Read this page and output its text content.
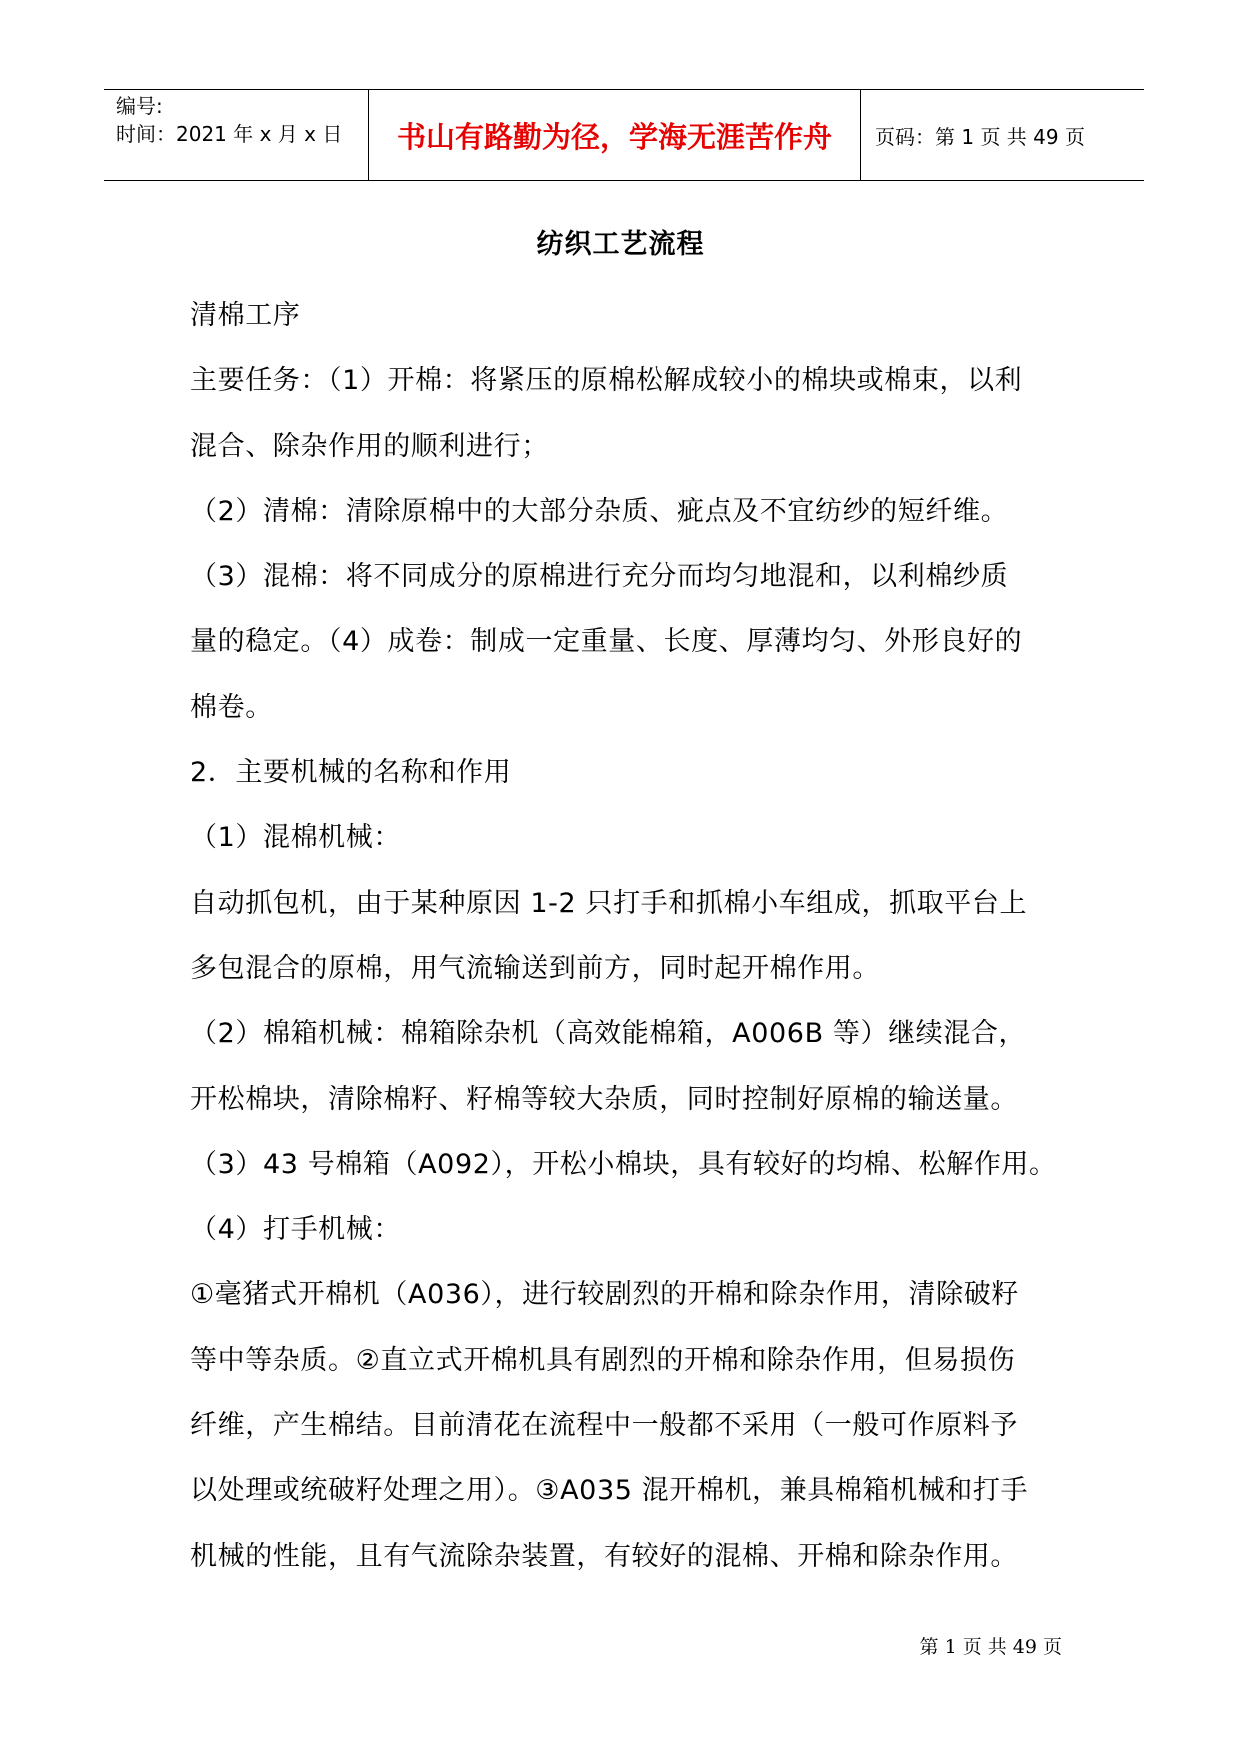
编号:
时间：2021 年 x 月 x 日	书山有路勤为径，学海无涯苦作舟	页码：第 1 页 共 49 页
纺织工艺流程
清棉工序
主要任务：（1）开棉：将紧压的原棉松解成较小的棉块或棉束，以利
混合、除杂作用的顺利进行；
（2）清棉：清除原棉中的大部分杂质、疵点及不宜纺纱的短纤维。
（3）混棉：将不同成分的原棉进行充分而均匀地混和，以利棉纱质
量的稳定。（4）成卷：制成一定重量、长度、厚薄均匀、外形良好的
棉卷。
2．主要机械的名称和作用
（1）混棉机械：
自动抓包机，由于某种原因 1-2 只打手和抓棉小车组成，抓取平台上
多包混合的原棉，用气流输送到前方，同时起开棉作用。
（2）棉箱机械：棉箱除杂机（高效能棉箱，A006B 等）继续混合，
开松棉块，清除棉籽、籽棉等较大杂质，同时控制好原棉的输送量。
（3）43 号棉箱（A092），开松小棉块，具有较好的均棉、松解作用。
（4）打手机械：
①毫猪式开棉机（A036），进行较剧烈的开棉和除杂作用，清除破籽
等中等杂质。②直立式开棉机具有剧烈的开棉和除杂作用，但易损伤
纤维，产生棉结。目前清花在流程中一般都不采用（一般可作原料予
以处理或统破籽处理之用）。③A035 混开棉机，兼具棉箱机械和打手
机械的性能，且有气流除杂装置，有较好的混棉、开棉和除杂作用。
第 1 页 共 49 页
